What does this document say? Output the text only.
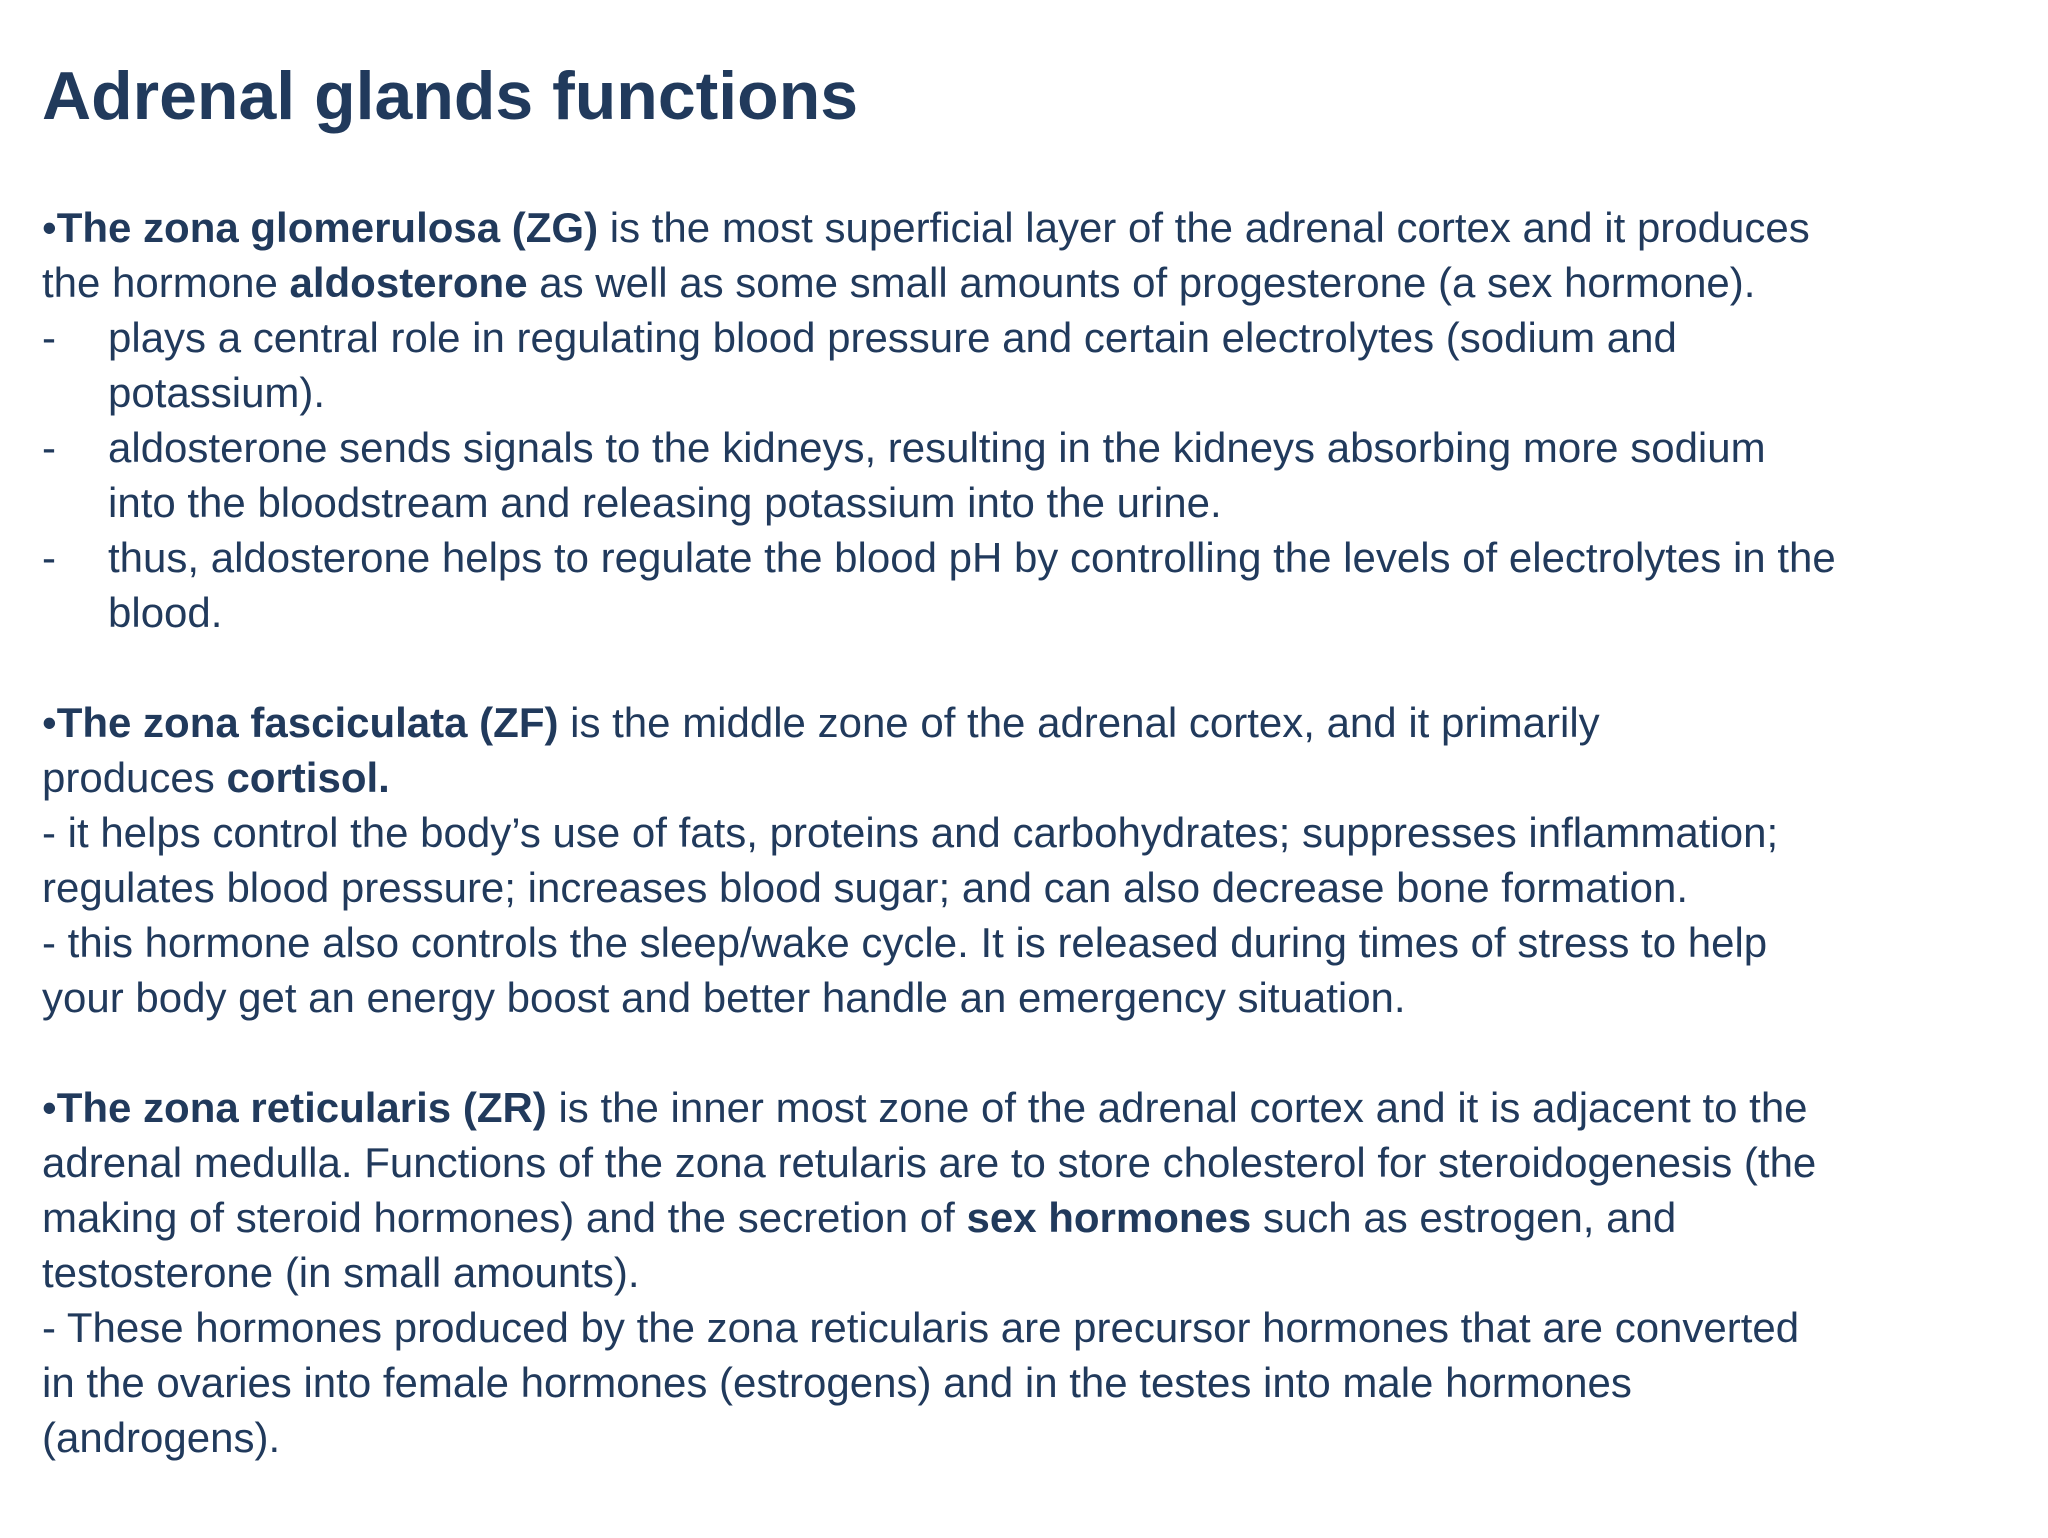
Adrenal glands functions
•The zona glomerulosa (ZG) is the most superficial layer of the adrenal cortex and it produces
the hormone aldosterone as well as some small amounts of progesterone (a sex hormone).
- plays a central role in regulating blood pressure and certain electrolytes (sodium and
potassium).
- aldosterone sends signals to the kidneys, resulting in the kidneys absorbing more sodium
into the bloodstream and releasing potassium into the urine.
- thus, aldosterone helps to regulate the blood pH by controlling the levels of electrolytes in the
blood.
•The zona fasciculata (ZF) is the middle zone of the adrenal cortex, and it primarily
produces cortisol.
- it helps control the body’s use of fats, proteins and carbohydrates; suppresses inflammation;
regulates blood pressure; increases blood sugar; and can also decrease bone formation.
- this hormone also controls the sleep/wake cycle. It is released during times of stress to help
your body get an energy boost and better handle an emergency situation.
•The zona reticularis (ZR) is the inner most zone of the adrenal cortex and it is adjacent to the
adrenal medulla. Functions of the zona retularis are to store cholesterol for steroidogenesis (the
making of steroid hormones) and the secretion of sex hormones such as estrogen, and
testosterone (in small amounts).
- These hormones produced by the zona reticularis are precursor hormones that are converted
in the ovaries into female hormones (estrogens) and in the testes into male hormones
(androgens).
